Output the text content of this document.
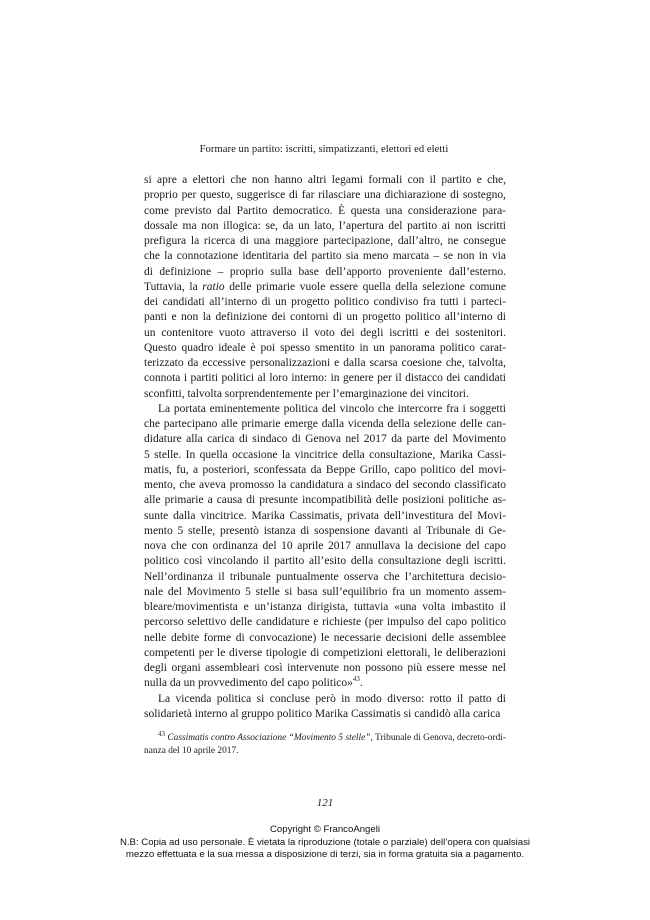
Formare un partito: iscritti, simpatizzanti, elettori ed eletti
si apre a elettori che non hanno altri legami formali con il partito e che,
proprio per questo, suggerisce di far rilasciare una dichiarazione di sostegno,
come previsto dal Partito democratico. È questa una considerazione para-
dossale ma non illogica: se, da un lato, l’apertura del partito ai non iscritti
prefigura la ricerca di una maggiore partecipazione, dall’altro, ne consegue
che la connotazione identitaria del partito sia meno marcata – se non in via
di definizione – proprio sulla base dell’apporto proveniente dall’esterno.
Tuttavia, la ratio delle primarie vuole essere quella della selezione comune
dei candidati all’interno di un progetto politico condiviso fra tutti i parteci-
panti e non la definizione dei contorni di un progetto politico all’interno di
un contenitore vuoto attraverso il voto dei degli iscritti e dei sostenitori.
Questo quadro ideale è poi spesso smentito in un panorama politico carat-
terizzato da eccessive personalizzazioni e dalla scarsa coesione che, talvolta,
connota i partiti politici al loro interno: in genere per il distacco dei candidati
sconfitti, talvolta sorprendentemente per l’emarginazione dei vincitori.
La portata eminentemente politica del vincolo che intercorre fra i soggetti
che partecipano alle primarie emerge dalla vicenda della selezione delle can-
didature alla carica di sindaco di Genova nel 2017 da parte del Movimento
5 stelle. In quella occasione la vincitrice della consultazione, Marika Cassi-
matis, fu, a posteriori, sconfessata da Beppe Grillo, capo politico del movi-
mento, che aveva promosso la candidatura a sindaco del secondo classificato
alle primarie a causa di presunte incompatibilità delle posizioni politiche as-
sunte dalla vincitrice. Marika Cassimatis, privata dell’investitura del Movi-
mento 5 stelle, presentò istanza di sospensione davanti al Tribunale di Ge-
nova che con ordinanza del 10 aprile 2017 annullava la decisione del capo
politico così vincolando il partito all’esito della consultazione degli iscritti.
Nell’ordinanza il tribunale puntualmente osserva che l’architettura decisio-
nale del Movimento 5 stelle si basa sull’equilibrio fra un momento assem-
bleare/movimentista e un’istanza dirigista, tuttavia «una volta imbastito il
percorso selettivo delle candidature e richieste (per impulso del capo politico
nelle debite forme di convocazione) le necessarie decisioni delle assemblee
competenti per le diverse tipologie di competizioni elettorali, le deliberazioni
degli organi assembleari così intervenute non possono più essere messe nel
nulla da un provvedimento del capo politico»$^{43}$.
La vicenda politica si concluse però in modo diverso: rotto il patto di
solidarietà interno al gruppo politico Marika Cassimatis si candidò alla carica
$^{43}$ Cassimatis contro Associazione “Movimento 5 stelle”, Tribunale di Genova, decreto-ordi-
nanza del 10 aprile 2017.
121
Copyright © FrancoAngeli
N.B: Copia ad uso personale. È vietata la riproduzione (totale o parziale) dell’opera con qualsiasi
mezzo effettuata e la sua messa a disposizione di terzi, sia in forma gratuita sia a pagamento.
